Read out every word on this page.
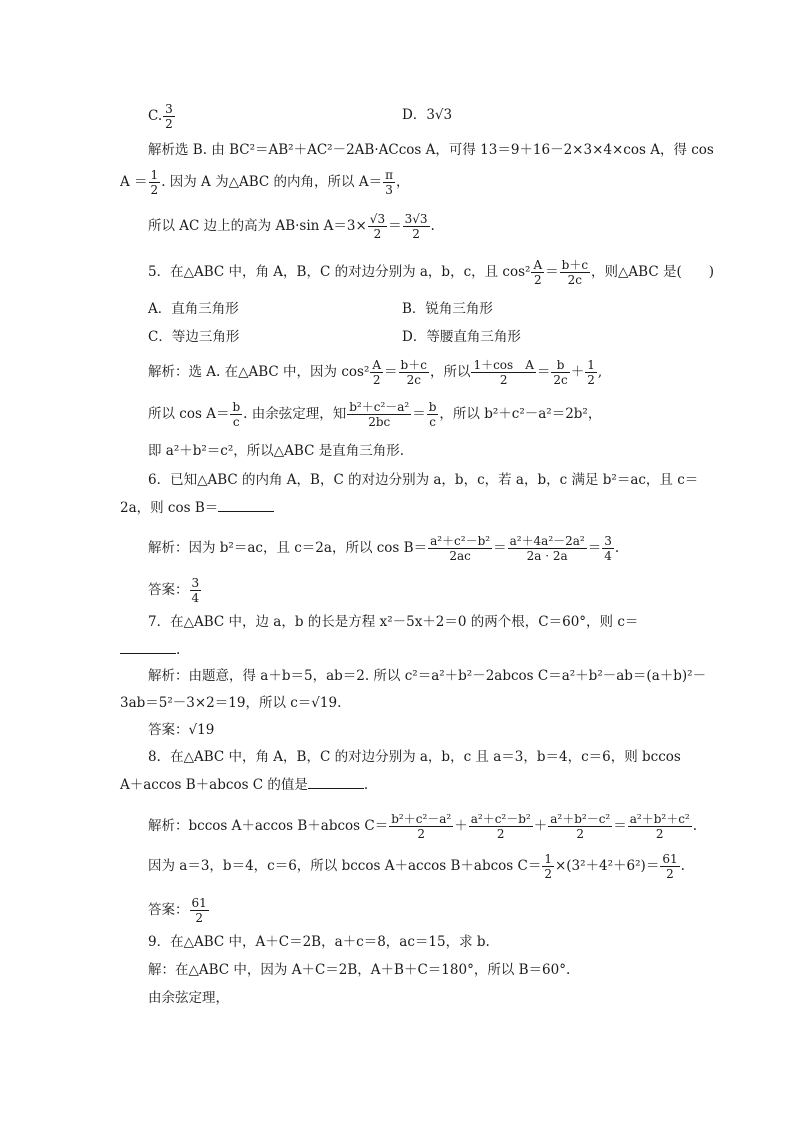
C. $\frac{3}{2}$	D．3√3
解析选 B. 由 BC²＝AB²＋AC²－2AB·ACcos A，可得 13＝9＋16－2×3×4×cos A，得 cos
$A = \frac{1}{2}$ . 因为 A 为△ABC 的内角，所以 $A= \frac{\pi}{3}$ ，
所以 AC 边上的高为 AB·sin $A=3\times \frac{√3}{2} = \frac{3√3}{2}$ .
5．在△ABC 中，角 A，B，C 的对边分别为 a，b，c，且 $\cos^2 \frac{A}{2} = \frac{b+c}{2c}$ ，则△ABC 是(　　)
A．直角三角形	B．锐角三角形
C．等边三角形	D．等腰直角三角形
解析：选 A. 在△ABC 中，因为 $\cos^2 \frac{A}{2} = \frac{b+c}{2c}$ ，所以 $\frac{\text{1＋cos　A}}{2} = \frac{b}{2c} + \frac{1}{2}$ ,
所以 $\cos A= \frac{b}{c}$ . 由余弦定理，知 $\frac{\text{b²＋c²－a²}}{2bc} = \frac{b}{c}$ ，所以 b²＋c²－a²＝2b²，
即 a²＋b²＝c²，所以△ABC 是直角三角形.
6．已知△ABC 的内角 A，B，C 的对边分别为 a，b，c，若 a，b，c 满足 b²＝ac，且 c＝
2a，则 cos B＝
解析：因为 b²＝ac，且 c＝2a，所以 $\cos B= \frac{\text{a²＋c²－b²}}{2ac} = \frac{\text{a²＋4a²－2a²}}{2a \cdot 2a} = \frac{3}{4}$ .
答案： $\frac{3}{4}$
7．在△ABC 中，边 a，b 的长是方程 x²－5x＋2＝0 的两个根，C＝60°，则 c＝
.
解析：由题意，得 a＋b＝5，ab＝2. 所以 c²＝a²＋b²－2abcos C＝a²＋b²－ab＝(a＋b)²－
3ab＝5²－3×2＝19，所以 c＝√19.
答案：√19
8．在△ABC 中，角 A，B，C 的对边分别为 a，b，c 且 a＝3，b＝4，c＝6，则 bccos
A＋accos B＋abcos C 的值是	.
解析：bccos A＋accos B＋abcos $C= \frac{\text{b²＋c²－a²}}{2} + \frac{\text{a²＋c²－b²}}{2} + \frac{\text{a²＋b²－c²}}{2} = \frac{\text{a²＋b²＋c²}}{2}$ .
因为 a＝3，b＝4，c＝6，所以 bccos A＋accos B＋abcos $C= \frac{1}{2} \times(3^2+4^2+6^2)= \frac{61}{2}$ .
答案： $\frac{61}{2}$
9．在△ABC 中，A＋C＝2B，a＋c＝8，ac＝15，求 b.
解：在△ABC 中，因为 A＋C＝2B，A＋B＋C＝180°，所以 B＝60°.
由余弦定理，
